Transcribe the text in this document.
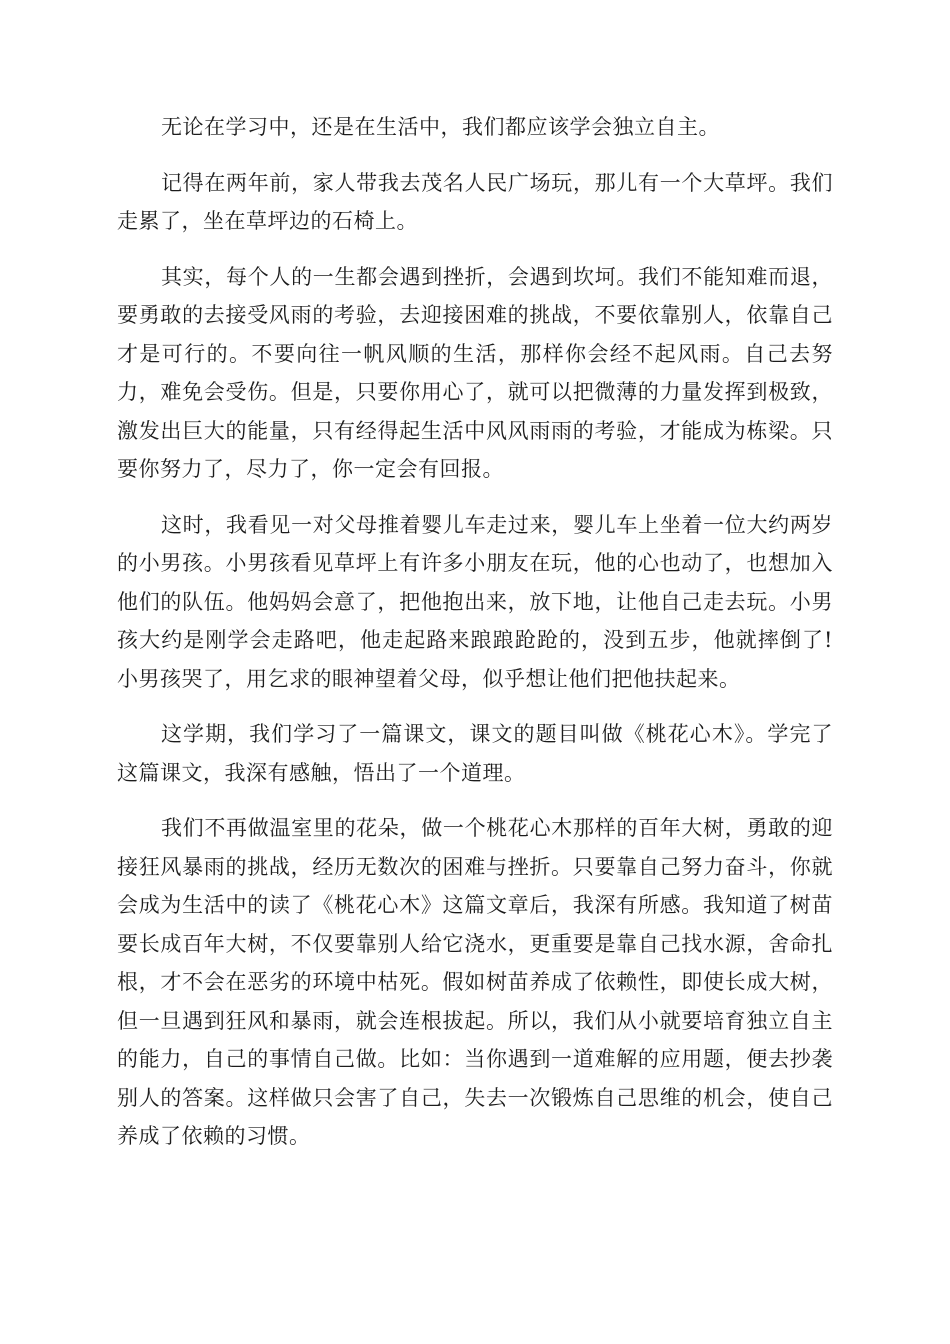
无论在学习中，还是在生活中，我们都应该学会独立自主。

记得在两年前，家人带我去茂名人民广场玩，那儿有一个大草坪。我们走累了，坐在草坪边的石椅上。

其实，每个人的一生都会遇到挫折，会遇到坎坷。我们不能知难而退，要勇敢的去接受风雨的考验，去迎接困难的挑战，不要依靠别人，依靠自己才是可行的。不要向往一帆风顺的生活，那样你会经不起风雨。自己去努力，难免会受伤。但是，只要你用心了，就可以把微薄的力量发挥到极致，激发出巨大的能量，只有经得起生活中风风雨雨的考验，才能成为栋梁。只要你努力了，尽力了，你一定会有回报。

这时，我看见一对父母推着婴儿车走过来，婴儿车上坐着一位大约两岁的小男孩。小男孩看见草坪上有许多小朋友在玩，他的心也动了，也想加入他们的队伍。他妈妈会意了，把他抱出来，放下地，让他自己走去玩。小男孩大约是刚学会走路吧，他走起路来踉踉跄跄的，没到五步，他就摔倒了!小男孩哭了，用乞求的眼神望着父母，似乎想让他们把他扶起来。

这学期，我们学习了一篇课文，课文的题目叫做《桃花心木》。学完了这篇课文，我深有感触，悟出了一个道理。

我们不再做温室里的花朵，做一个桃花心木那样的百年大树，勇敢的迎接狂风暴雨的挑战，经历无数次的困难与挫折。只要靠自己努力奋斗，你就会成为生活中的读了《桃花心木》这篇文章后，我深有所感。我知道了树苗要长成百年大树，不仅要靠别人给它浇水，更重要是靠自己找水源，舍命扎根，才不会在恶劣的环境中枯死。假如树苗养成了依赖性，即使长成大树，但一旦遇到狂风和暴雨，就会连根拔起。所以，我们从小就要培育独立自主的能力，自己的事情自己做。比如：当你遇到一道难解的应用题，便去抄袭别人的答案。这样做只会害了自己，失去一次锻炼自己思维的机会，使自己养成了依赖的习惯。
